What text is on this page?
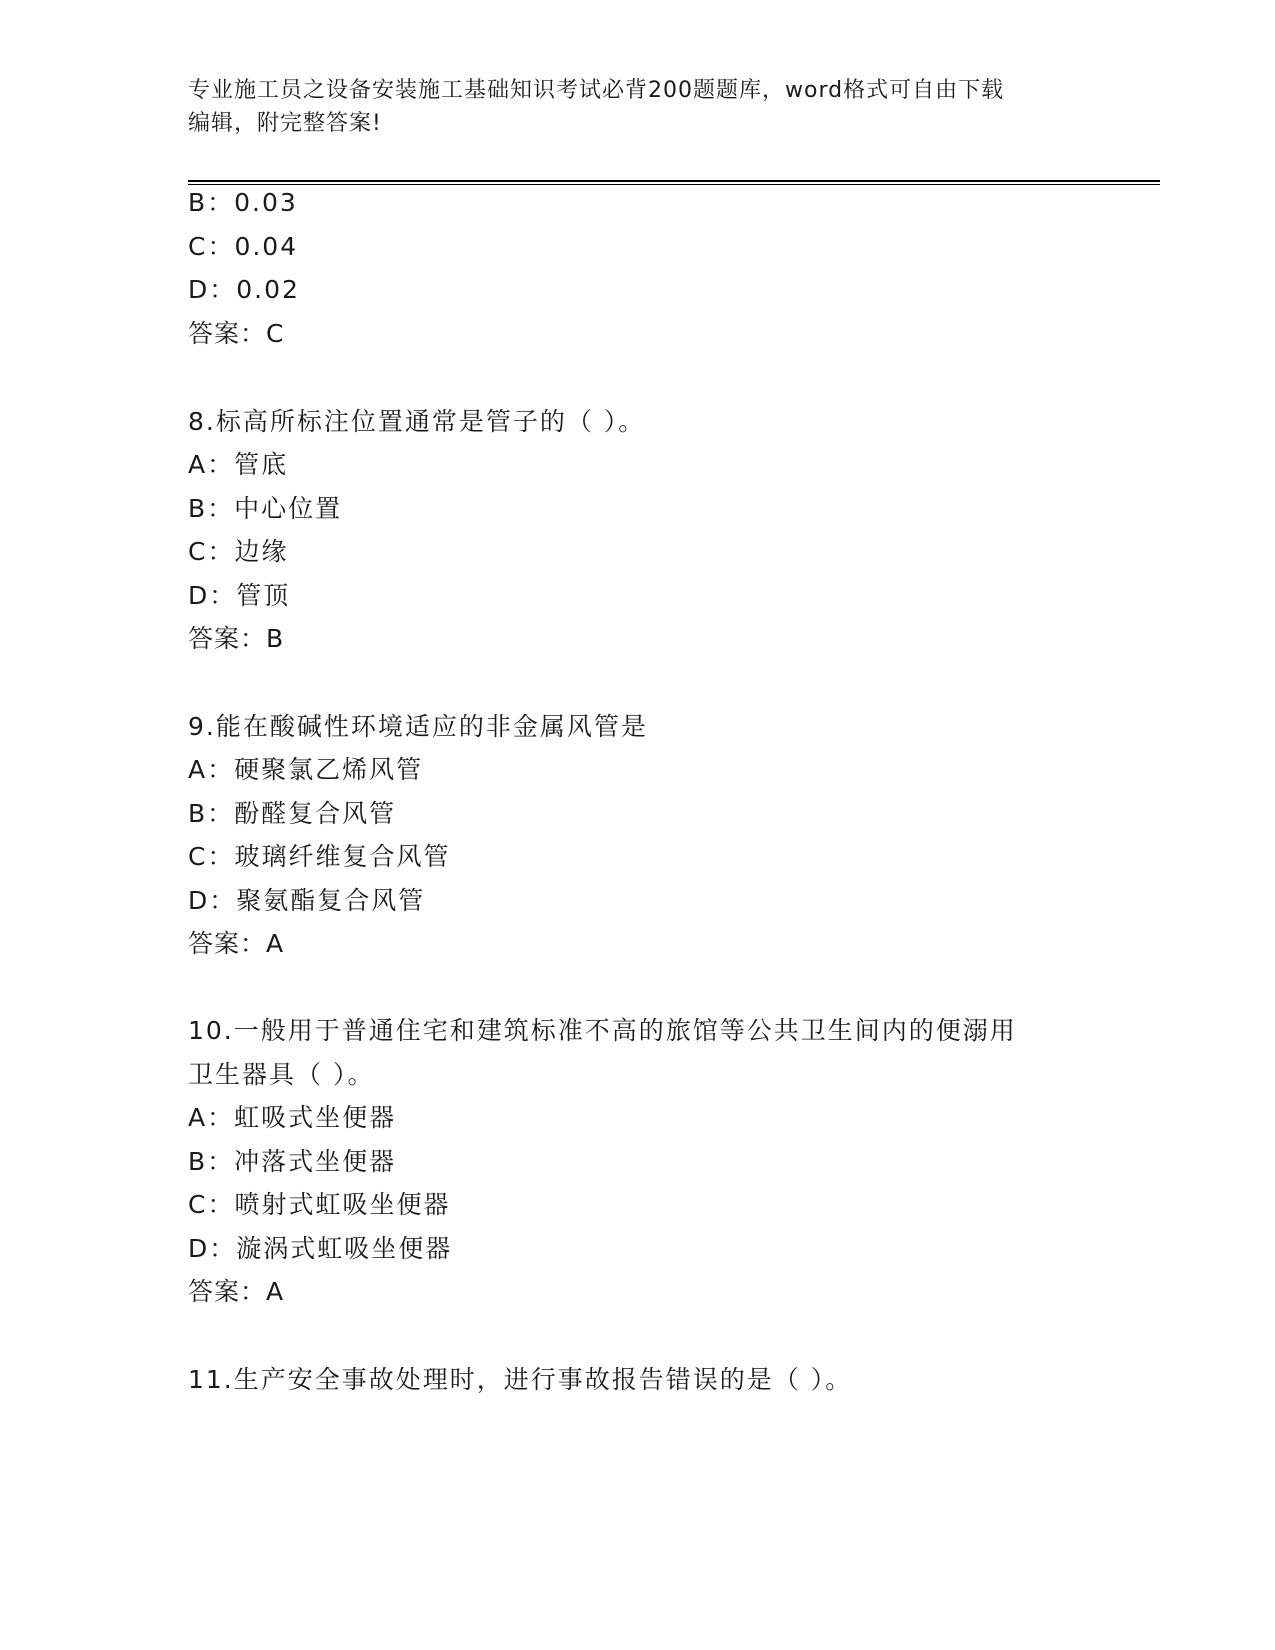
专业施工员之设备安装施工基础知识考试必背200题题库，word格式可自由下载
编辑，附完整答案!
B：0.03
C：0.04
D：0.02
答案：C
8.标高所标注位置通常是管子的（ ）。
A：管底
B：中心位置
C：边缘
D：管顶
答案：B
9.能在酸碱性环境适应的非金属风管是
A：硬聚氯乙烯风管
B：酚醛复合风管
C：玻璃纤维复合风管
D：聚氨酯复合风管
答案：A
10.一般用于普通住宅和建筑标准不高的旅馆等公共卫生间内的便溺用
卫生器具（ ）。
A：虹吸式坐便器
B：冲落式坐便器
C：喷射式虹吸坐便器
D：漩涡式虹吸坐便器
答案：A
11.生产安全事故处理时，进行事故报告错误的是（ ）。
